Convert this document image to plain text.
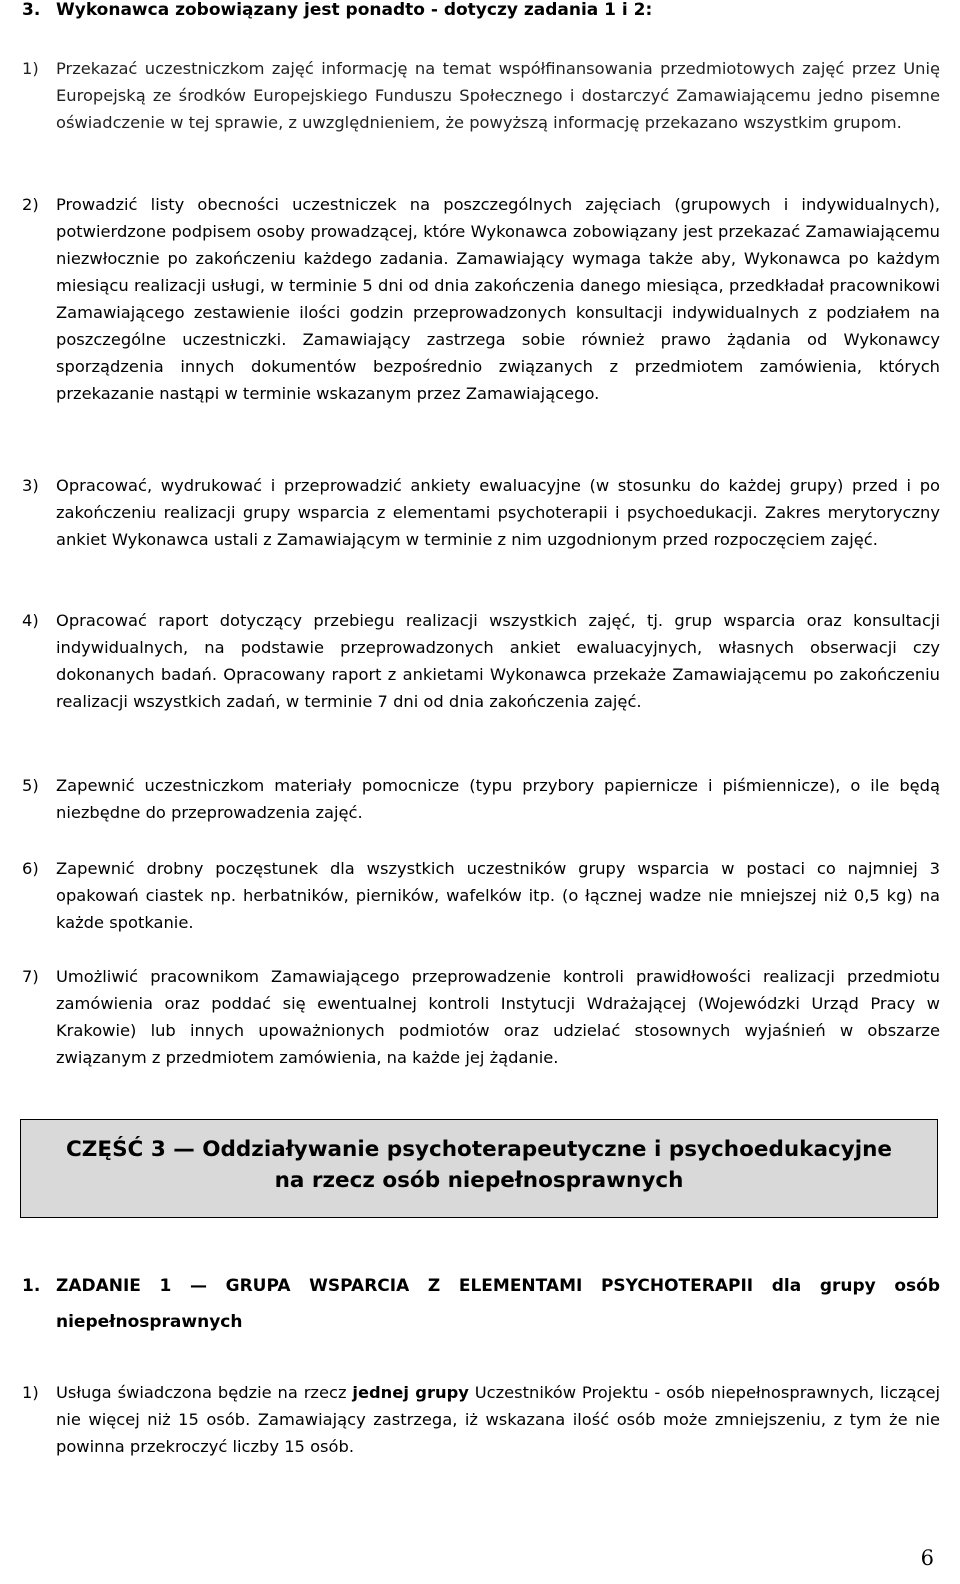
3. Wykonawca zobowiązany jest ponadto - dotyczy zadania 1 i 2:
1) Przekazać uczestniczkom zajęć informację na temat współfinansowania przedmiotowych zajęć przez Unię Europejską ze środków Europejskiego Funduszu Społecznego i dostarczyć Zamawiającemu jedno pisemne oświadczenie w tej sprawie, z uwzględnieniem, że powyższą informację przekazano wszystkim grupom.
2) Prowadzić listy obecności uczestniczek na poszczególnych zajęciach (grupowych i indywidualnych), potwierdzone podpisem osoby prowadzącej, które Wykonawca zobowiązany jest przekazać Zamawiającemu niezwłocznie po zakończeniu każdego zadania. Zamawiający wymaga także aby, Wykonawca po każdym miesiącu realizacji usługi, w terminie 5 dni od dnia zakończenia danego miesiąca, przedkładał pracownikowi Zamawiającego zestawienie ilości godzin przeprowadzonych konsultacji indywidualnych z podziałem na poszczególne uczestniczki. Zamawiający zastrzega sobie również prawo żądania od Wykonawcy sporządzenia innych dokumentów bezpośrednio związanych z przedmiotem zamówienia, których przekazanie nastąpi w terminie wskazanym przez Zamawiającego.
3) Opracować, wydrukować i przeprowadzić ankiety ewaluacyjne (w stosunku do każdej grupy) przed i po zakończeniu realizacji grupy wsparcia z elementami psychoterapii i psychoedukacji. Zakres merytoryczny ankiet Wykonawca ustali z Zamawiającym w terminie z nim uzgodnionym przed rozpoczęciem zajęć.
4) Opracować raport dotyczący przebiegu realizacji wszystkich zajęć, tj. grup wsparcia oraz konsultacji indywidualnych, na podstawie przeprowadzonych ankiet ewaluacyjnych, własnych obserwacji czy dokonanych badań. Opracowany raport z ankietami Wykonawca przekaże Zamawiającemu po zakończeniu realizacji wszystkich zadań, w terminie 7 dni od dnia zakończenia zajęć.
5) Zapewnić uczestniczkom materiały pomocnicze (typu przybory papiernicze i piśmiennicze), o ile będą niezbędne do przeprowadzenia zajęć.
6) Zapewnić drobny poczęstunek dla wszystkich uczestników grupy wsparcia w postaci co najmniej 3 opakowań ciastek np. herbatników, pierników, wafelków itp. (o łącznej wadze nie mniejszej niż 0,5 kg) na każde spotkanie.
7) Umożliwić pracownikom Zamawiającego przeprowadzenie kontroli prawidłowości realizacji przedmiotu zamówienia oraz poddać się ewentualnej kontroli Instytucji Wdrażającej (Wojewódzki Urząd Pracy w Krakowie) lub innych upoważnionych podmiotów oraz udzielać stosownych wyjaśnień w obszarze związanym z przedmiotem zamówienia, na każde jej żądanie.
CZĘŚĆ 3 — Oddziaływanie psychoterapeutyczne i psychoedukacyjne
na rzecz osób niepełnosprawnych
1. ZADANIE 1 — GRUPA WSPARCIA Z ELEMENTAMI PSYCHOTERAPII dla grupy osób niepełnosprawnych
1) Usługa świadczona będzie na rzecz jednej grupy Uczestników Projektu - osób niepełnosprawnych, liczącej nie więcej niż 15 osób. Zamawiający zastrzega, iż wskazana ilość osób może zmniejszeniu, z tym że nie powinna przekroczyć liczby 15 osób.
6
